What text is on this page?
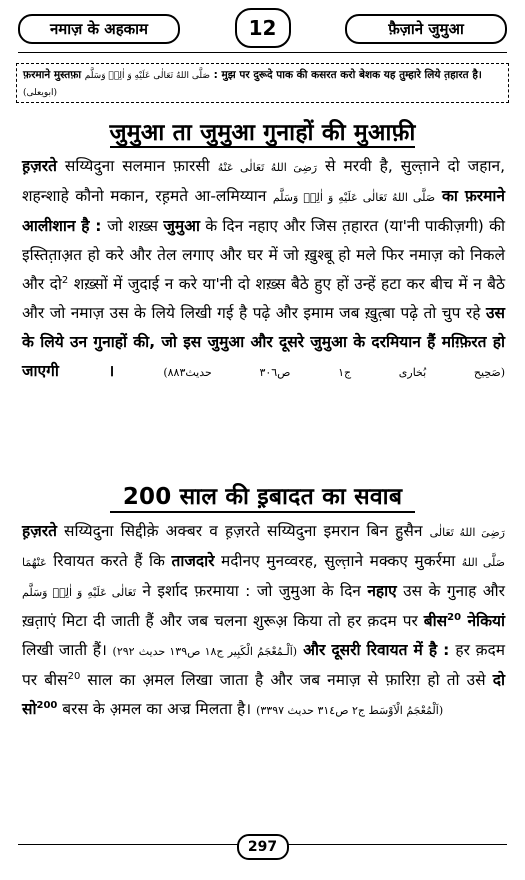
नमाज़ के अहकाम	12	फ़ैज़ाने जुमुआ
फ़रमाने मुस्तफ़ा صَلَّى اللهُ تَعَالٰى عَلَيْهِ وَ اٰلِهٖ وَسَلَّم : मुझ पर दुरूदे पाक की कसरत करो बेशक यह तुम्हारे लिये त़हारत है। (ابويعلى)
जुमुआ ता जुमुआ गुनाहों की मुआफ़ी
ह़ज़रते सय्यिदुना सलमान फ़ारसी رَضِیَ اللهُ تَعَالٰی عَنْهُ से मरवी है, सुल्त़ाने दो जहान, शहन्शाहे कौनो मकान, रह़मते आ-लमिय्यान صَلَّى اللهُ تَعَالٰى عَلَيْهِ وَ اٰلِهٖ وَسَلَّم का फ़रमाने आलीशान है : जो शख़्स जुमुआ के दिन नहाए और जिस त़हारत (या'नी पाकीज़गी) की इस्तित़ाअ़त हो करे और तेल लगाए और घर में जो ख़ुश्बू हो मले फिर नमाज़ को निकले और दो$^2$ शख़्सों में जुदाई न करे या'नी दो शख़्स बैठे हुए हों उन्हें हटा कर बीच में न बैठे और जो नमाज़ उस के लिये लिखी गई है पढ़े और इमाम जब ख़ुत़्बा पढ़े तो चुप रहे उस के लिये उन गुनाहों की, जो इस जुमुआ और दूसरे जुमुआ के दरमियान हैं मग़्फ़िरत हो जाएगी ।	(صَحِيح بُخارى ج١ ص٣٠٦ حديث٨٨٣)
200 साल की इ़बादत का सवाब
ह़ज़रते सय्यिदुना सिद्दीके़ अक्बर व ह़ज़रते सय्यिदुना इमरान बिन हु़सैन رَضِیَ اللهُ تَعَالٰی عَنْهُمَا रिवायत करते हैं कि ताजदारे मदीनए मुनव्वरह, सुल्त़ाने मक्कए मुकर्रमा صَلَّى اللهُ تَعَالٰى عَلَيْهِ وَ اٰلِهٖ وَسَلَّم ने इर्शाद फ़रमाया : जो जुमुआ के दिन नहाए उस के गुनाह और ख़त़ाएं मिटा दी जाती हैं और जब चलना शुरूअ़ किया तो हर क़दम पर बीस$^{20}$ नेकियां लिखी जाती हैं। (اَلْـمُعْجَمُ الْكَبِير ج١٨ ص١٣٩ حديث ٢٩٢) और दूसरी रिवायत में है : हर क़दम पर बीस$^{20}$ साल का अ़मल लिखा जाता है और जब नमाज़ से फ़ारिग़ हो तो उसे दो सो$^{200}$ बरस के अ़मल का अज्र मिलता है। (اَلْمُعْجَمُ الْاَوْسَط ج٢ ص٣١٤ حديث ٣٣٩٧)
297
